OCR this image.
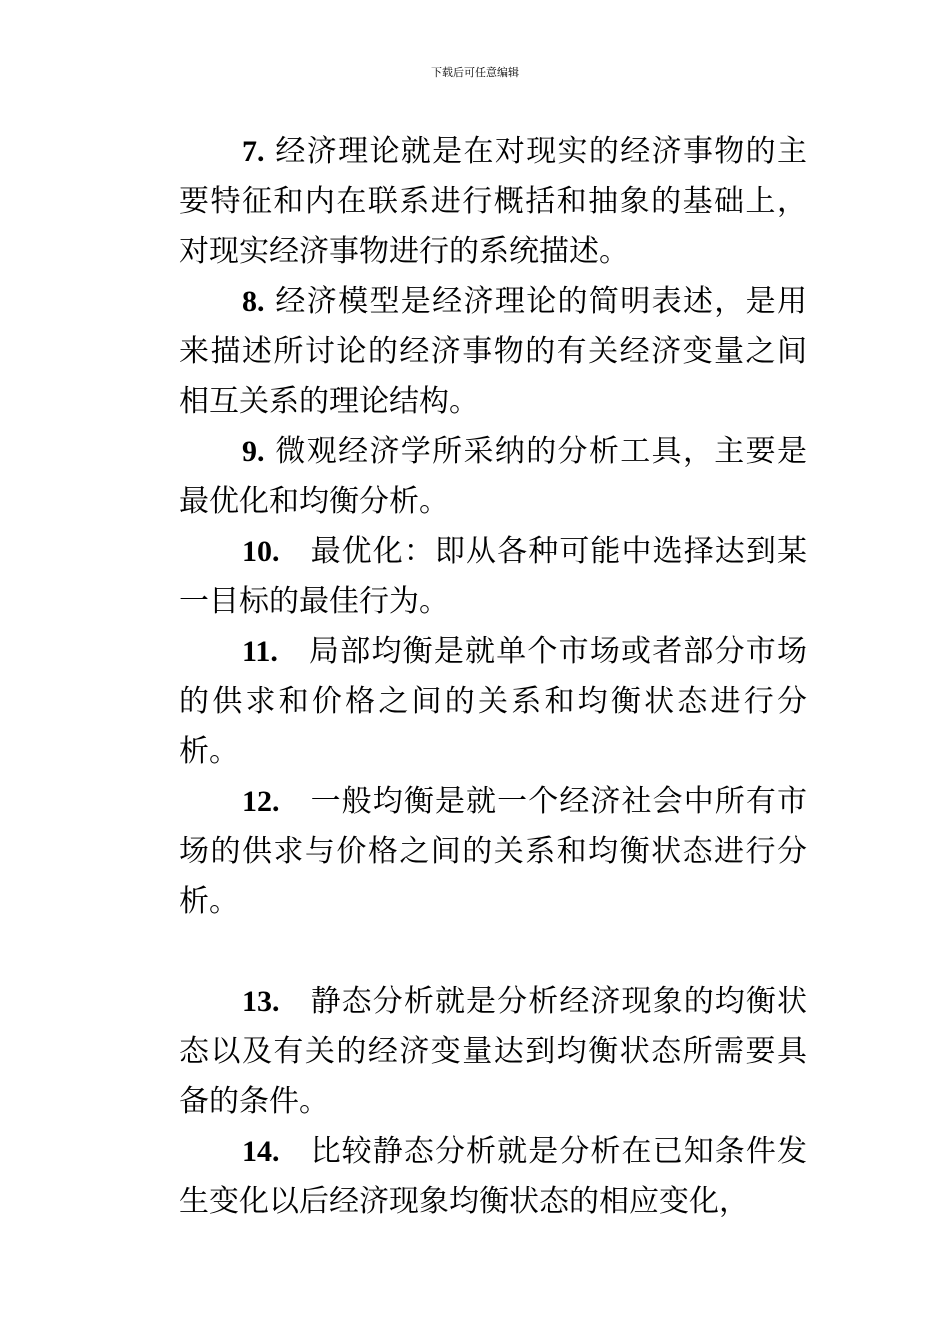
下载后可任意编辑

7. 经济理论就是在对现实的经济事物的主要特征和内在联系进行概括和抽象的基础上，对现实经济事物进行的系统描述。

8. 经济模型是经济理论的简明表述，是用来描述所讨论的经济事物的有关经济变量之间相互关系的理论结构。

9. 微观经济学所采纳的分析工具，主要是最优化和均衡分析。

10. 最优化：即从各种可能中选择达到某一目标的最佳行为。

11. 局部均衡是就单个市场或者部分市场的供求和价格之间的关系和均衡状态进行分析。

12. 一般均衡是就一个经济社会中所有市场的供求与价格之间的关系和均衡状态进行分析。

13. 静态分析就是分析经济现象的均衡状态以及有关的经济变量达到均衡状态所需要具备的条件。

14. 比较静态分析就是分析在已知条件发生变化以后经济现象均衡状态的相应变化，
